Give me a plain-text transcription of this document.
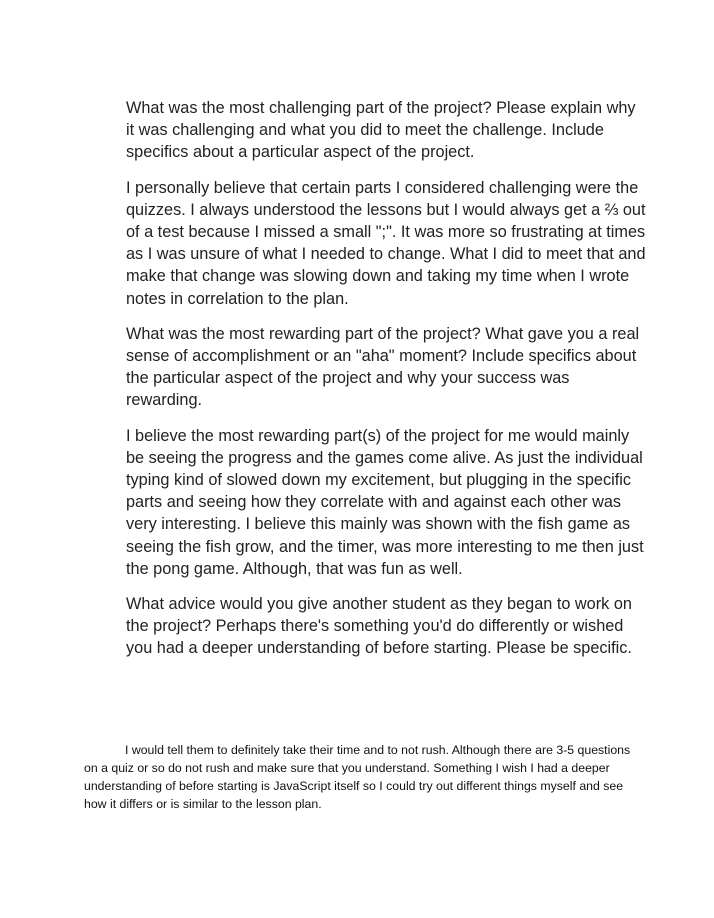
What was the most challenging part of the project? Please explain why it was challenging and what you did to meet the challenge. Include specifics about a particular aspect of the project.

I personally believe that certain parts I considered challenging were the quizzes. I always understood the lessons but I would always get a ⅔ out of a test because I missed a small ";". It was more so frustrating at times as I was unsure of what I needed to change. What I did to meet that and make that change was slowing down and taking my time when I wrote notes in correlation to the plan.

What was the most rewarding part of the project? What gave you a real sense of accomplishment or an "aha" moment? Include specifics about the particular aspect of the project and why your success was rewarding.

I believe the most rewarding part(s) of the project for me would mainly be seeing the progress and the games come alive. As just the individual typing kind of slowed down my excitement, but plugging in the specific parts and seeing how they correlate with and against each other was very interesting. I believe this mainly was shown with the fish game as seeing the fish grow, and the timer, was more interesting to me then just the pong game. Although, that was fun as well.

What advice would you give another student as they began to work on the project? Perhaps there's something you'd do differently or wished you had a deeper understanding of before starting. Please be specific.

I would tell them to definitely take their time and to not rush. Although there are 3-5 questions on a quiz or so do not rush and make sure that you understand. Something I wish I had a deeper understanding of before starting is JavaScript itself so I could try out different things myself and see how it differs or is similar to the lesson plan.
